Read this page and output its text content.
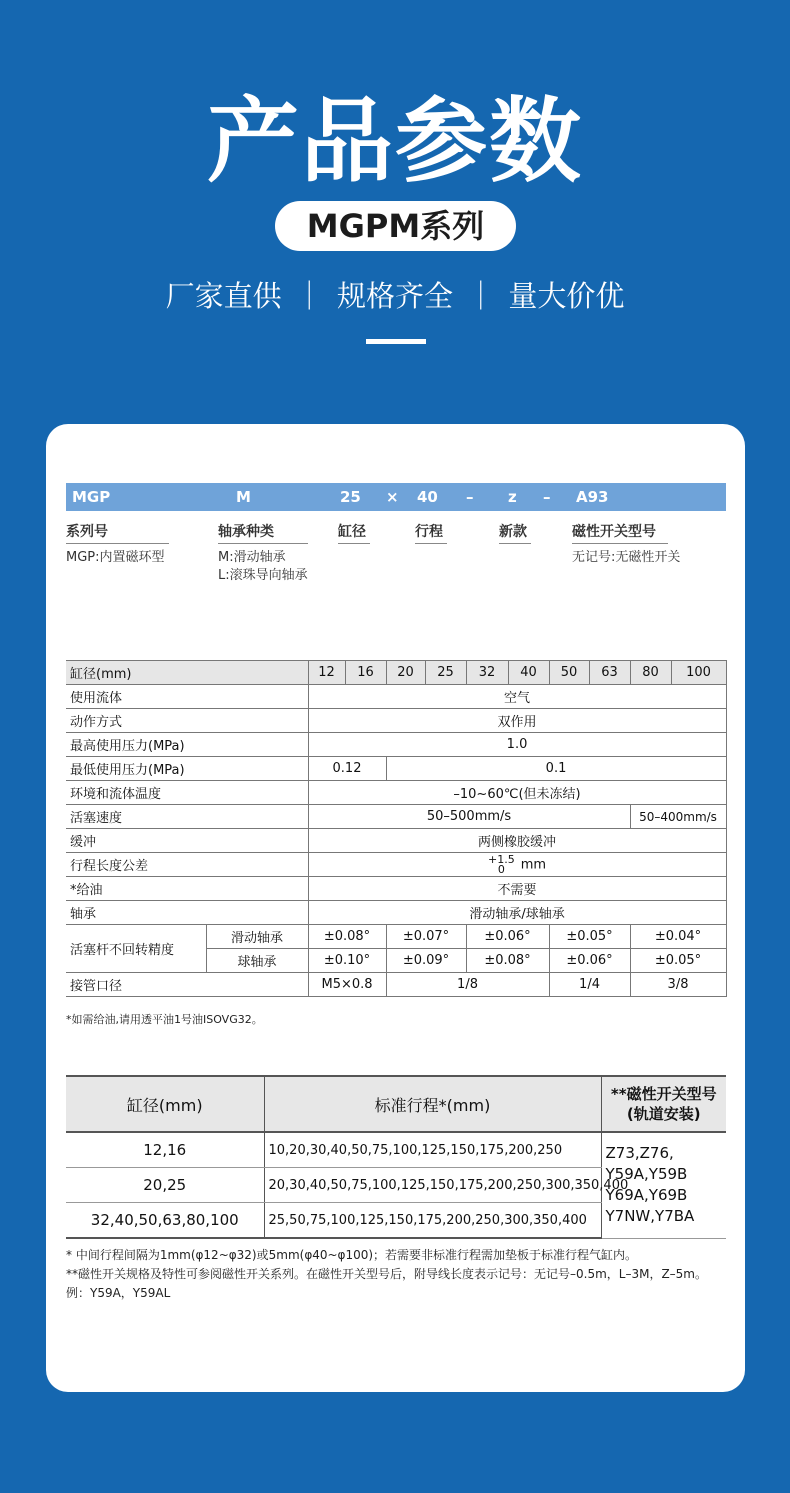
产品参数
MGPM系列
厂家直供 ｜ 规格齐全 ｜ 量大价优
MGP	M	25 × 40 – z – A93
系列号
MGP:内置磁环型
轴承种类
M:滑动轴承
L:滚珠导向轴承
缸径	行程	新款	磁性开关型号
无记号:无磁性开关
缸径(mm)		12	16	20	25	32	40	50	63	80	100
使用流体		空气									
动作方式		双作用									
最高使用压力(MPa)		1.0									
最低使用压力(MPa)		0.12		0.1							
环境和流体温度		–10~60℃(但未冻结)									
活塞速度		50–500mm/s								50–400mm/s	
缓冲		两侧橡胶缓冲									
行程长度公差		+1.5
0 mm									
*给油		不需要									
轴承		滑动轴承/球轴承									
活塞杆不回转精度	滑动轴承	±0.08°		±0.07°		±0.06°		±0.05°		±0.04°	
	球轴承	±0.10°		±0.09°		±0.08°		±0.06°		±0.05°	
接管口径		M5×0.8		1/8				1/4		3/8	
*如需给油,请用透平油1号油ISOVG32。
缸径(mm)	标准行程*(mm)	**磁性开关型号
(轨道安装)
12,16	10,20,30,40,50,75,100,125,150,175,200,250	Z73,Z76,
Y59A,Y59B
Y69A,Y69B
Y7NW,Y7BA
20,25	20,30,40,50,75,100,125,150,175,200,250,300,350,400	
32,40,50,63,80,100	25,50,75,100,125,150,175,200,250,300,350,400	
* 中间行程间隔为1mm(φ12~φ32)或5mm(φ40~φ100)；若需要非标准行程需加垫板于标准行程气缸内。
**磁性开关规格及特性可参阅磁性开关系列。在磁性开关型号后，附导线长度表示记号：无记号–0.5m，L–3M，Z–5m。例：Y59A，Y59AL
